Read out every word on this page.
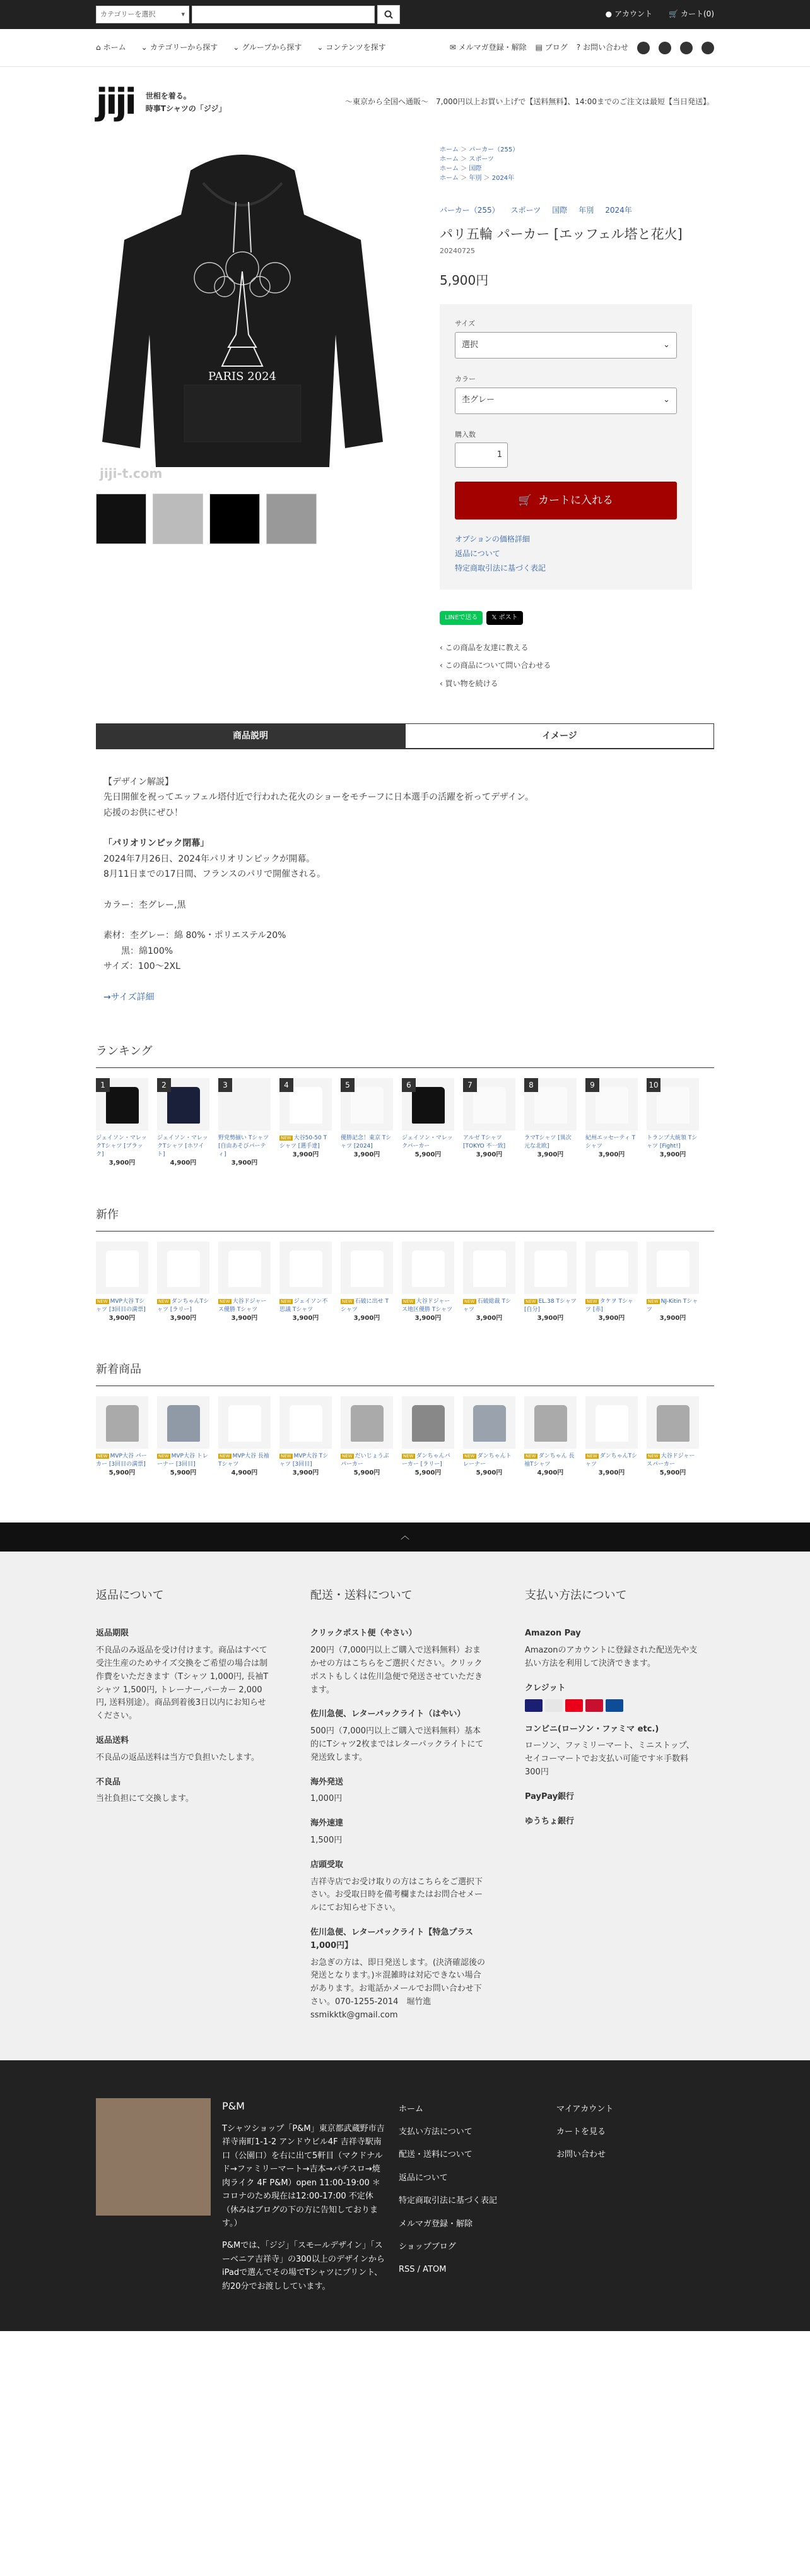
カテゴリーを選択	▾	● アカウント 🛒 カート(0)
⌂ ホーム ⌄ カテゴリーから探す ⌄ グループから探す ⌄ コンテンツを探す	✉ メルマガ登録・解除 ▤ ブログ ? お問い合わせ
jiji 世相を着る。
時事Tシャツの「ジジ」
〜東京から全国へ通販〜　7,000円以上お買い上げで【送料無料】、14:00までのご注文は最短【当日発送】。
PARIS 2024
jiji-t.com
ホーム ＞ パーカー（255）
ホーム ＞ スポーツ
ホーム ＞ 国際
ホーム ＞ 年別 ＞ 2024年
パーカー（255） スポーツ 国際 年別 2024年
パリ五輪 パーカー [エッフェル塔と花火]
20240725
5,900円
サイズ
選択	⌄
カラー
杢グレー	⌄
購入数
1
🛒 カートに入れる
オプションの価格詳細
返品について
特定商取引法に基づく表記
LINEで送る	𝕏 ポスト
‹ この商品を友達に教える
‹ この商品について問い合わせる
‹ 買い物を続ける
商品説明	イメージ

【デザイン解説】

先日開催を祝ってエッフェル塔付近で行われた花火のショーをモチーフに日本選手の活躍を祈ってデザイン。

応援のお供にぜひ！

「パリオリンピック閉幕」

2024年7月26日、2024年パリオリンピックが開幕。

8月11日までの17日間、フランスのパリで開催される。

カラー：杢グレー,黒

素材：杢グレー：綿 80%・ポリエステル20%

　　黒：綿100%

サイズ：100〜2XL

→サイズ詳細

ランキング
1
ジェイソン・マレックTシャツ [ブラック]
3,900円
2
ジェイソン・マレックTシャツ [ホワイト]
4,900円
3
野党勢揃い Tシャツ [自由あそびパーティ]
3,900円
4
NEW 大谷50-50 Tシャツ [選手達]
3,900円
5
優勝記念！東京 Tシャツ [2024]
3,900円
6
ジェイソン・マレックパーカー
5,900円
7
アルゼ Tシャツ [TOKYO 不一致]
3,900円
8
ラマTシャツ [異次元な北欧]
3,900円
9
紀州エッセーティ Tシャツ
3,900円
10
トランプ大統領 Tシャツ [Fight!]
3,900円
新作
NEW MVP大谷 Tシャツ [3回目の満票]
3,900円
NEW ダンちゃんTシャツ [ラリー]
3,900円
NEW 大谷ドジャース優勝 Tシャツ
3,900円
NEW ジェイソン不思議 Tシャツ
3,900円
NEW 石破に出せ Tシャツ
3,900円
NEW 大谷ドジャース地区優勝 Tシャツ
3,900円
NEW 石破総裁 Tシャツ
3,900円
NEW EL.38 Tシャツ [自分]
3,900円
NEW タケヲ Tシャツ [赤]
3,900円
NEW NJ-Kitin Tシャツ
3,900円
新着商品
NEW MVP大谷 パーカー [3回目の満票]
5,900円
NEW MVP大谷 トレーナー [3回目]
5,900円
NEW MVP大谷 長袖Tシャツ
4,900円
NEW MVP大谷 Tシャツ [3回目]
3,900円
NEW だいじょうぶパーカー
5,900円
NEW ダンちゃんパーカー [ラリー]
5,900円
NEW ダンちゃんトレーナー
5,900円
NEW ダンちゃん 長袖Tシャツ
4,900円
NEW ダンちゃんTシャツ
3,900円
NEW 大谷ドジャースパーカー
5,900円
︿
返品について
返品期限

不良品のみ返品を受け付けます。商品はすべて受注生産のためサイズ交換をご希望の場合は制作費をいただきます（Tシャツ 1,000円, 長袖Tシャツ 1,500円, トレーナー,パーカー 2,000円, 送料別途）。商品到着後3日以内にお知らせください。

返品送料

不良品の返品送料は当方で負担いたします。

不良品

当社負担にて交換します。

配送・送料について
クリックポスト便（やさい）

200円（7,000円以上ご購入で送料無料）おまかせの方はこちらをご選択ください。クリックポストもしくは佐川急便で発送させていただきます。

佐川急便、レターパックライト（はやい）

500円（7,000円以上ご購入で送料無料）基本的にTシャツ2枚まではレターパックライトにて発送致します。

海外発送

1,000円

海外速達

1,500円

店頭受取

吉祥寺店でお受け取りの方はこちらをご選択下さい。お受取日時を備考欄またはお問合せメールにてお知らせ下さい。

佐川急便、レターパックライト【特急プラス1,000円】

お急ぎの方は、即日発送します。(決済確認後の発送となります。)＊混雑時は対応できない場合があります。お電話かメールでお問い合わせ下さい。070-1255-2014　堀竹進　ssmikktk@gmail.com

支払い方法について
Amazon Pay

Amazonのアカウントに登録された配送先や支払い方法を利用して決済できます。

クレジット
コンビニ(ローソン・ファミマ etc.)

ローソン、ファミリーマート、ミニストップ、セイコーマートでお支払い可能です＊手数料300円

PayPay銀行
ゆうちょ銀行
P&M
Tシャツショップ「P&M」東京都武蔵野市吉祥寺南町1-1-2 アンドウビル4F 吉祥寺駅南口（公園口）を右に出て5軒目（マクドナルド→ファミリーマート→吉本→パチスロ→焼肉ライク 4F P&M）open 11:00-19:00 ＊コロナのため現在は12:00-17:00 不定休（休みはブログの下の方に告知しております。）
P&Mでは、「ジジ」「スモールデザイン」「スーベニア吉祥寺」の300以上のデザインからiPadで選んでその場でTシャツにプリント、約20分でお渡ししています。
ホーム
支払い方法について
配送・送料について
返品について
特定商取引法に基づく表記
メルマガ登録・解除
ショップブログ
RSS / ATOM
マイアカウント
カートを見る
お問い合わせ
